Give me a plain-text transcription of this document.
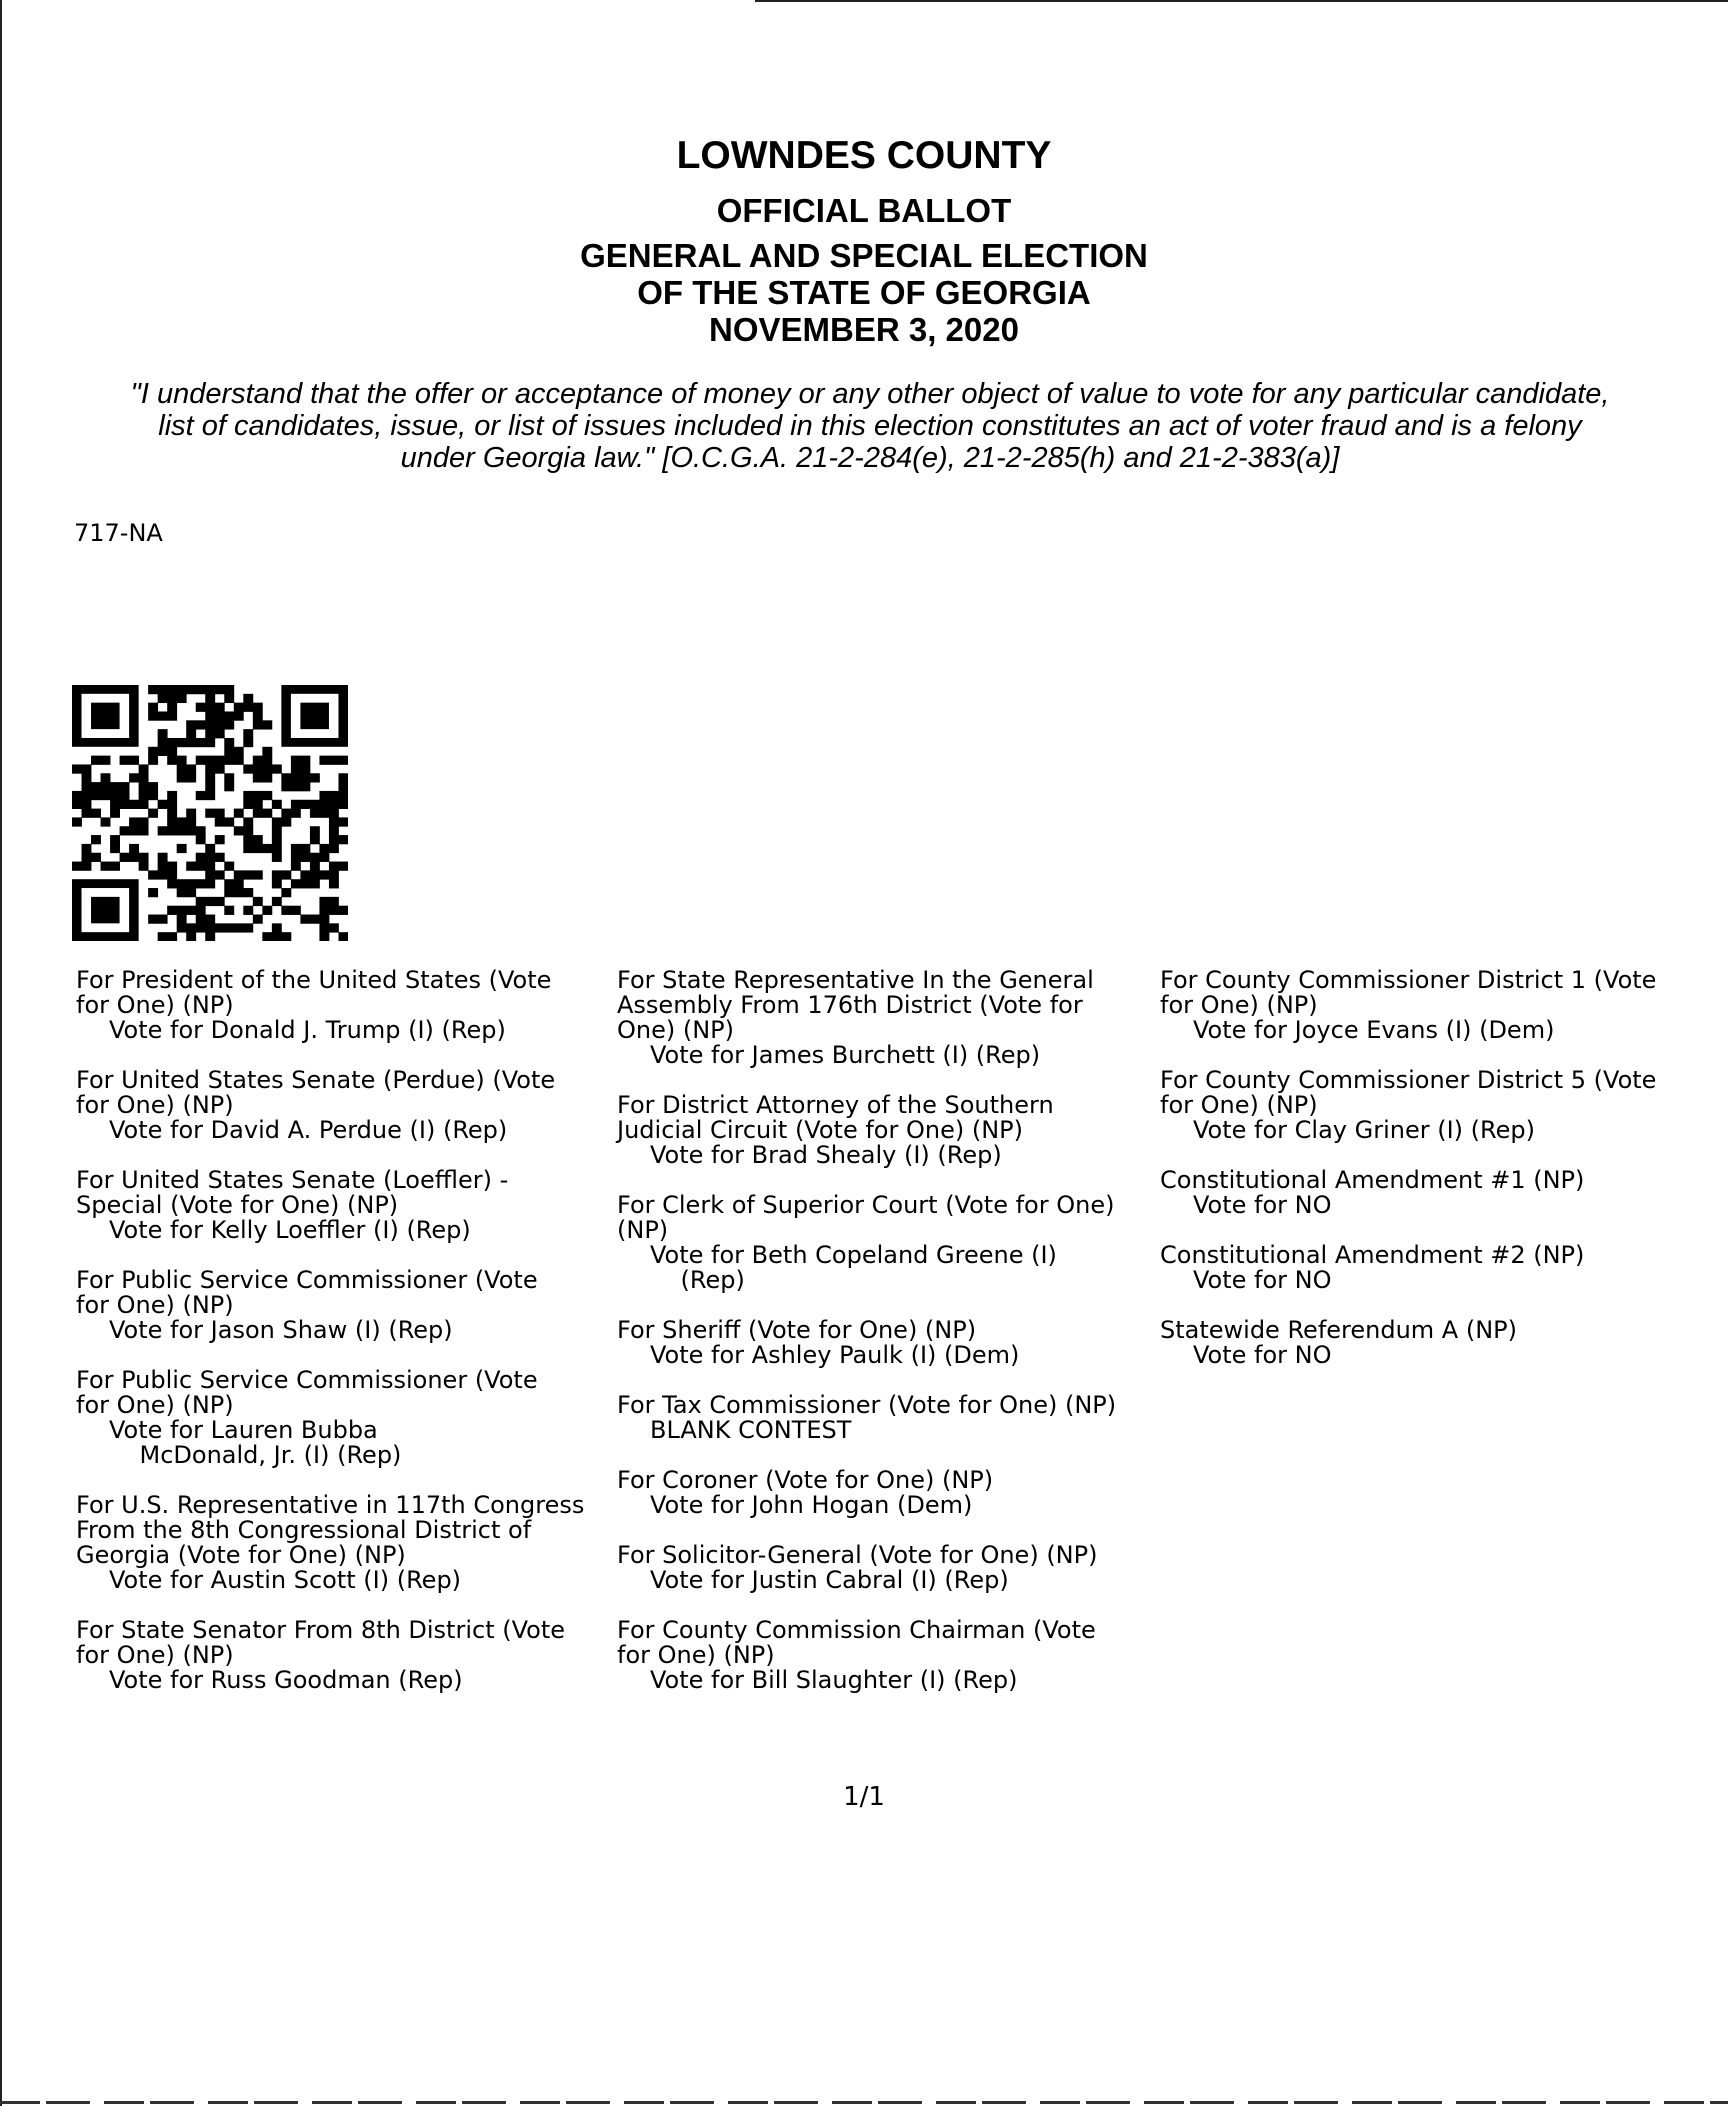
LOWNDES COUNTY
OFFICIAL BALLOT
GENERAL AND SPECIAL ELECTION
OF THE STATE OF GEORGIA
NOVEMBER 3, 2020
"I understand that the offer or acceptance of money or any other object of value to vote for any particular candidate,
list of candidates, issue, or list of issues included in this election constitutes an act of voter fraud and is a felony
under Georgia law." [O.C.G.A. 21-2-284(e), 21-2-285(h) and 21-2-383(a)]
717-NA
For President of the United States (Vote
for One) (NP)
Vote for Donald J. Trump (I) (Rep)
For United States Senate (Perdue) (Vote
for One) (NP)
Vote for David A. Perdue (I) (Rep)
For United States Senate (Loeffler) -
Special (Vote for One) (NP)
Vote for Kelly Loeffler (I) (Rep)
For Public Service Commissioner (Vote
for One) (NP)
Vote for Jason Shaw (I) (Rep)
For Public Service Commissioner (Vote
for One) (NP)
Vote for Lauren Bubba
McDonald, Jr. (I) (Rep)
For U.S. Representative in 117th Congress
From the 8th Congressional District of
Georgia (Vote for One) (NP)
Vote for Austin Scott (I) (Rep)
For State Senator From 8th District (Vote
for One) (NP)
Vote for Russ Goodman (Rep)
For State Representative In the General
Assembly From 176th District (Vote for
One) (NP)
Vote for James Burchett (I) (Rep)
For District Attorney of the Southern
Judicial Circuit (Vote for One) (NP)
Vote for Brad Shealy (I) (Rep)
For Clerk of Superior Court (Vote for One)
(NP)
Vote for Beth Copeland Greene (I)
(Rep)
For Sheriff (Vote for One) (NP)
Vote for Ashley Paulk (I) (Dem)
For Tax Commissioner (Vote for One) (NP)
BLANK CONTEST
For Coroner (Vote for One) (NP)
Vote for John Hogan (Dem)
For Solicitor-General (Vote for One) (NP)
Vote for Justin Cabral (I) (Rep)
For County Commission Chairman (Vote
for One) (NP)
Vote for Bill Slaughter (I) (Rep)
For County Commissioner District 1 (Vote
for One) (NP)
Vote for Joyce Evans (I) (Dem)
For County Commissioner District 5 (Vote
for One) (NP)
Vote for Clay Griner (I) (Rep)
Constitutional Amendment #1 (NP)
Vote for NO
Constitutional Amendment #2 (NP)
Vote for NO
Statewide Referendum A (NP)
Vote for NO
1/1
